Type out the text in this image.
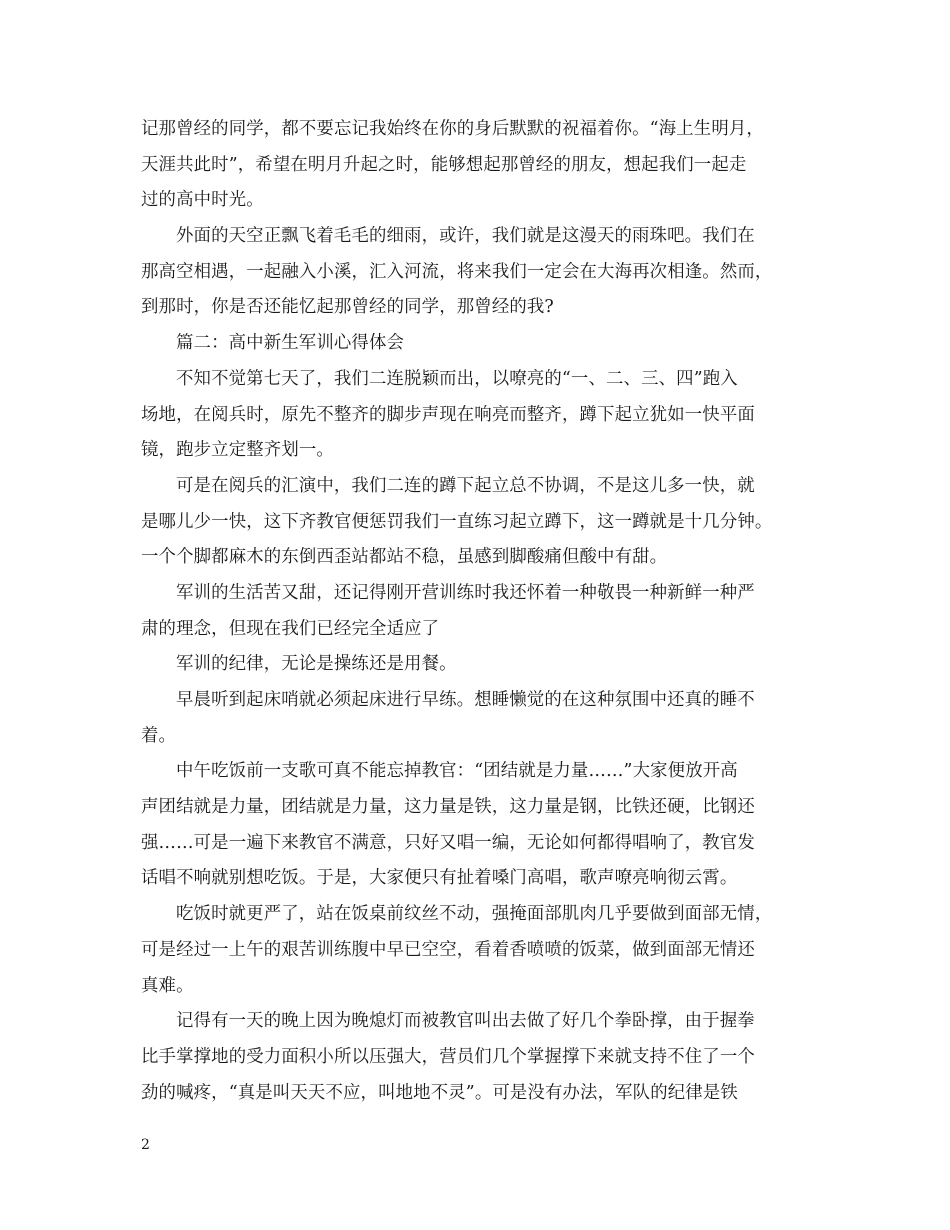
记那曾经的同学，都不要忘记我始终在你的身后默默的祝福着你。“海上生明月，
天涯共此时”，希望在明月升起之时，能够想起那曾经的朋友，想起我们一起走
过的高中时光。
外面的天空正飘飞着毛毛的细雨，或许，我们就是这漫天的雨珠吧。我们在
那高空相遇，一起融入小溪，汇入河流，将来我们一定会在大海再次相逢。然而，
到那时，你是否还能忆起那曾经的同学，那曾经的我?
篇二：高中新生军训心得体会
不知不觉第七天了，我们二连脱颖而出，以嘹亮的“一、二、三、四”跑入
场地，在阅兵时，原先不整齐的脚步声现在响亮而整齐，蹲下起立犹如一快平面
镜，跑步立定整齐划一。
可是在阅兵的汇演中，我们二连的蹲下起立总不协调，不是这儿多一快，就
是哪儿少一快，这下齐教官便惩罚我们一直练习起立蹲下，这一蹲就是十几分钟。
一个个脚都麻木的东倒西歪站都站不稳，虽感到脚酸痛但酸中有甜。
军训的生活苦又甜，还记得刚开营训练时我还怀着一种敬畏一种新鲜一种严
肃的理念，但现在我们已经完全适应了
军训的纪律，无论是操练还是用餐。
早晨听到起床哨就必须起床进行早练。想睡懒觉的在这种氛围中还真的睡不
着。
中午吃饭前一支歌可真不能忘掉教官：“团结就是力量……”大家便放开高
声团结就是力量，团结就是力量，这力量是铁，这力量是钢，比铁还硬，比钢还
强……可是一遍下来教官不满意，只好又唱一编，无论如何都得唱响了，教官发
话唱不响就别想吃饭。于是，大家便只有扯着嗓门高唱，歌声嘹亮响彻云霄。
吃饭时就更严了，站在饭桌前纹丝不动，强掩面部肌肉几乎要做到面部无情，
可是经过一上午的艰苦训练腹中早已空空，看着香喷喷的饭菜，做到面部无情还
真难。
记得有一天的晚上因为晚熄灯而被教官叫出去做了好几个拳卧撑，由于握拳
比手掌撑地的受力面积小所以压强大，营员们几个掌握撑下来就支持不住了一个
劲的喊疼，“真是叫天天不应，叫地地不灵”。可是没有办法，军队的纪律是铁
2
